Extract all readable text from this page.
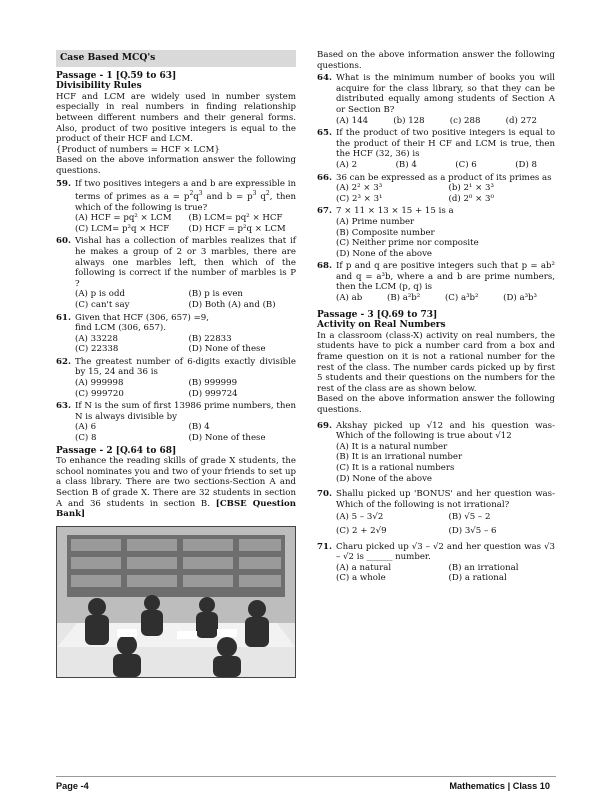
Case Based MCQ's
Passage - 1 [Q.59 to 63]
Divisibility Rules

HCF and LCM are widely used in number system especially in real numbers in finding relationship between different numbers and their general forms. Also, product of two positive integers is equal to the product of their HCF and LCM.

{Product of numbers = HCF × LCM}

Based on the above information answer the following questions.

59. If two positives integers a and b are expressible in terms of primes as $a = p^2q^3$ and $b = p^3$ $q^2$, then which of the following is true?
(A) HCF = pq² × LCM	(B) LCM= pq² × HCF
(C) LCM= p²q × HCF	(D) HCF = p²q × LCM
60. Vishal has a collection of marbles realizes that if he makes a group of 2 or 3 marbles, there are always one marbles left, then which of the following is correct if the number of marbles is P ?
(A) p is odd	(B) p is even
(C) can't say	(D) Both (A) and (B)
61. Given that HCF (306, 657) =9,
find LCM (306, 657).
(A) 33228	(B) 22833
(C) 22338	(D) None of these
62. The greatest number of 6-digits exactly divisible by 15, 24 and 36 is
(A) 999998	(B) 999999
(C) 999720	(D) 999724
63. If N is the sum of first 13986 prime numbers, then N is always divisible by
(A) 6	(B) 4
(C) 8	(D) None of these
Passage - 2 [Q.64 to 68]

To enhance the reading skills of grade X students, the school nominates you and two of your friends to set up a class library. There are two sections-Section A and Section B of grade X. There are 32 students in section A and 36 students in section B. [CBSE Question Bank]

Based on the above information answer the following questions.

64. What is the minimum number of books you will acquire for the class library, so that they can be distributed equally among students of Section A or Section B?
(A) 144	(b) 128	(c) 288	(d) 272
65. If the product of two positive integers is equal to the product of their H CF and LCM is true, then the HCF (32, 36) is
(A) 2	(B) 4	(C) 6	(D) 8
66. 36 can be expressed as a product of its primes as
(A) 2² × 3³	(b) 2¹ × 3³
(C) 2³ × 3¹	(d) 2⁰ × 3⁰
67. 7 × 11 × 13 × 15 + 15 is a
(A) Prime number
(B) Composite number
(C) Neither prime nor composite
(D) None of the above
68. If p and q are positive integers such that p = ab² and q = a³b, where a and b are prime numbers, then the LCM (p, q) is
(A) ab	(B) a²b²	(C) a³b²	(D) a³b³
Passage - 3 [Q.69 to 73]
Activity on Real Numbers

In a classroom (class-X) activity on real numbers, the students have to pick a number card from a box and frame question on it is not a rational number for the rest of the class. The number cards picked up by first 5 students and their questions on the numbers for the rest of the class are as shown below.

Based on the above information answer the following questions.

69. Akshay picked up √12 and his question was-Which of the following is true about √12
(A) It is a natural number
(B) It is an irrational number
(C) It is a rational numbers
(D) None of the above
70. Shallu picked up 'BONUS' and her question was-Which of the following is not irrational?
(A) 5 – 3√2	(B) √5 – 2
(C) 2 + 2√9	(D) 3√5 – 6
71. Charu picked up √3 – √2 and her question was √3 – √2 is ______ number.
(A) a natural	(B) an irrational
(C) a whole	(D) a rational
Page -4	Mathematics | Class 10
